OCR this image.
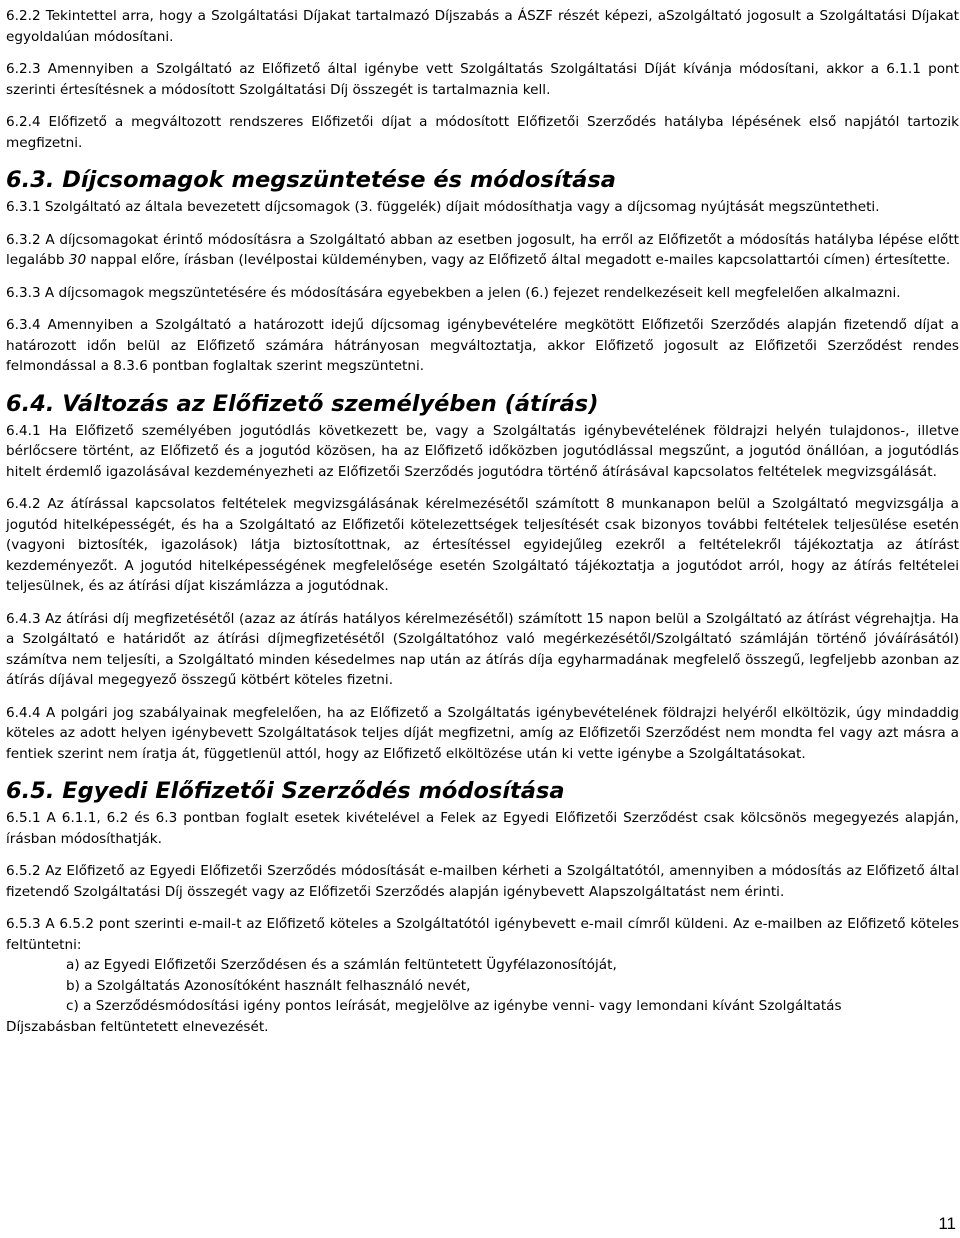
6.2.2 Tekintettel arra, hogy a Szolgáltatási Díjakat tartalmazó Díjszabás a ÁSZF részét képezi, aSzolgáltató jogosult a Szolgáltatási Díjakat egyoldalúan módosítani.

6.2.3 Amennyiben a Szolgáltató az Előfizető által igénybe vett Szolgáltatás Szolgáltatási Díját kívánja módosítani, akkor a 6.1.1 pont szerinti értesítésnek a módosított Szolgáltatási Díj összegét is tartalmaznia kell.

6.2.4 Előfizető a megváltozott rendszeres Előfizetői díjat a módosított Előfizetői Szerződés hatályba lépésének első napjától tartozik megfizetni.

6.3. Díjcsomagok megszüntetése és módosítása

6.3.1 Szolgáltató az általa bevezetett díjcsomagok (3. függelék) díjait módosíthatja vagy a díjcsomag nyújtását megszüntetheti.

6.3.2 A díjcsomagokat érintő módosításra a Szolgáltató abban az esetben jogosult, ha erről az Előfizetőt a módosítás hatályba lépése előtt legalább 30 nappal előre, írásban (levélpostai küldeményben, vagy az Előfizető által megadott e-mailes kapcsolattartói címen) értesítette.

6.3.3 A díjcsomagok megszüntetésére és módosítására egyebekben a jelen (6.) fejezet rendelkezéseit kell megfelelően alkalmazni.

6.3.4 Amennyiben a Szolgáltató a határozott idejű díjcsomag igénybevételére megkötött Előfizetői Szerződés alapján fizetendő díjat a határozott időn belül az Előfizető számára hátrányosan megváltoztatja, akkor Előfizető jogosult az Előfizetői Szerződést rendes felmondással a 8.3.6 pontban foglaltak szerint megszüntetni.

6.4. Változás az Előfizető személyében (átírás)

6.4.1 Ha Előfizető személyében jogutódlás következett be, vagy a Szolgáltatás igénybevételének földrajzi helyén tulajdonos-, illetve bérlőcsere történt, az Előfizető és a jogutód közösen, ha az Előfizető időközben jogutódlással megszűnt, a jogutód önállóan, a jogutódlás hitelt érdemlő igazolásával kezdeményezheti az Előfizetői Szerződés jogutódra történő átírásával kapcsolatos feltételek megvizsgálását.

6.4.2 Az átírással kapcsolatos feltételek megvizsgálásának kérelmezésétől számított 8 munkanapon belül a Szolgáltató megvizsgálja a jogutód hitelképességét, és ha a Szolgáltató az Előfizetői kötelezettségek teljesítését csak bizonyos további feltételek teljesülése esetén (vagyoni biztosíték, igazolások) látja biztosítottnak, az értesítéssel egyidejűleg ezekről a feltételekről tájékoztatja az átírást kezdeményezőt. A jogutód hitelképességének megfelelősége esetén Szolgáltató tájékoztatja a jogutódot arról, hogy az átírás feltételei teljesülnek, és az átírási díjat kiszámlázza a jogutódnak.

6.4.3 Az átírási díj megfizetésétől (azaz az átírás hatályos kérelmezésétől) számított 15 napon belül a Szolgáltató az átírást végrehajtja. Ha a Szolgáltató e határidőt az átírási díjmegfizetésétől (Szolgáltatóhoz való megérkezésétől/Szolgáltató számláján történő jóváírásától) számítva nem teljesíti, a Szolgáltató minden késedelmes nap után az átírás díja egyharmadának megfelelő összegű, legfeljebb azonban az átírás díjával megegyező összegű kötbért köteles fizetni.

6.4.4 A polgári jog szabályainak megfelelően, ha az Előfizető a Szolgáltatás igénybevételének földrajzi helyéről elköltözik, úgy mindaddig köteles az adott helyen igénybevett Szolgáltatások teljes díját megfizetni, amíg az Előfizetői Szerződést nem mondta fel vagy azt másra a fentiek szerint nem íratja át, függetlenül attól, hogy az Előfizető elköltözése után ki vette igénybe a Szolgáltatásokat.

6.5. Egyedi Előfizetői Szerződés módosítása

6.5.1 A 6.1.1, 6.2 és 6.3 pontban foglalt esetek kivételével a Felek az Egyedi Előfizetői Szerződést csak kölcsönös megegyezés alapján, írásban módosíthatják.

6.5.2 Az Előfizető az Egyedi Előfizetői Szerződés módosítását e-mailben kérheti a Szolgáltatótól, amennyiben a módosítás az Előfizető által fizetendő Szolgáltatási Díj összegét vagy az Előfizetői Szerződés alapján igénybevett Alapszolgáltatást nem érinti.

6.5.3 A 6.5.2 pont szerinti e-mail-t az Előfizető köteles a Szolgáltatótól igénybevett e-mail címről küldeni. Az e-mailben az Előfizető köteles feltüntetni:

a) az Egyedi Előfizetői Szerződésen és a számlán feltüntetett Ügyfélazonosítóját,

b) a Szolgáltatás Azonosítóként használt felhasználó nevét,

c) a Szerződésmódosítási igény pontos leírását, megjelölve az igénybe venni- vagy lemondani kívánt Szolgáltatás

Díjszabásban feltüntetett elnevezését.

11
